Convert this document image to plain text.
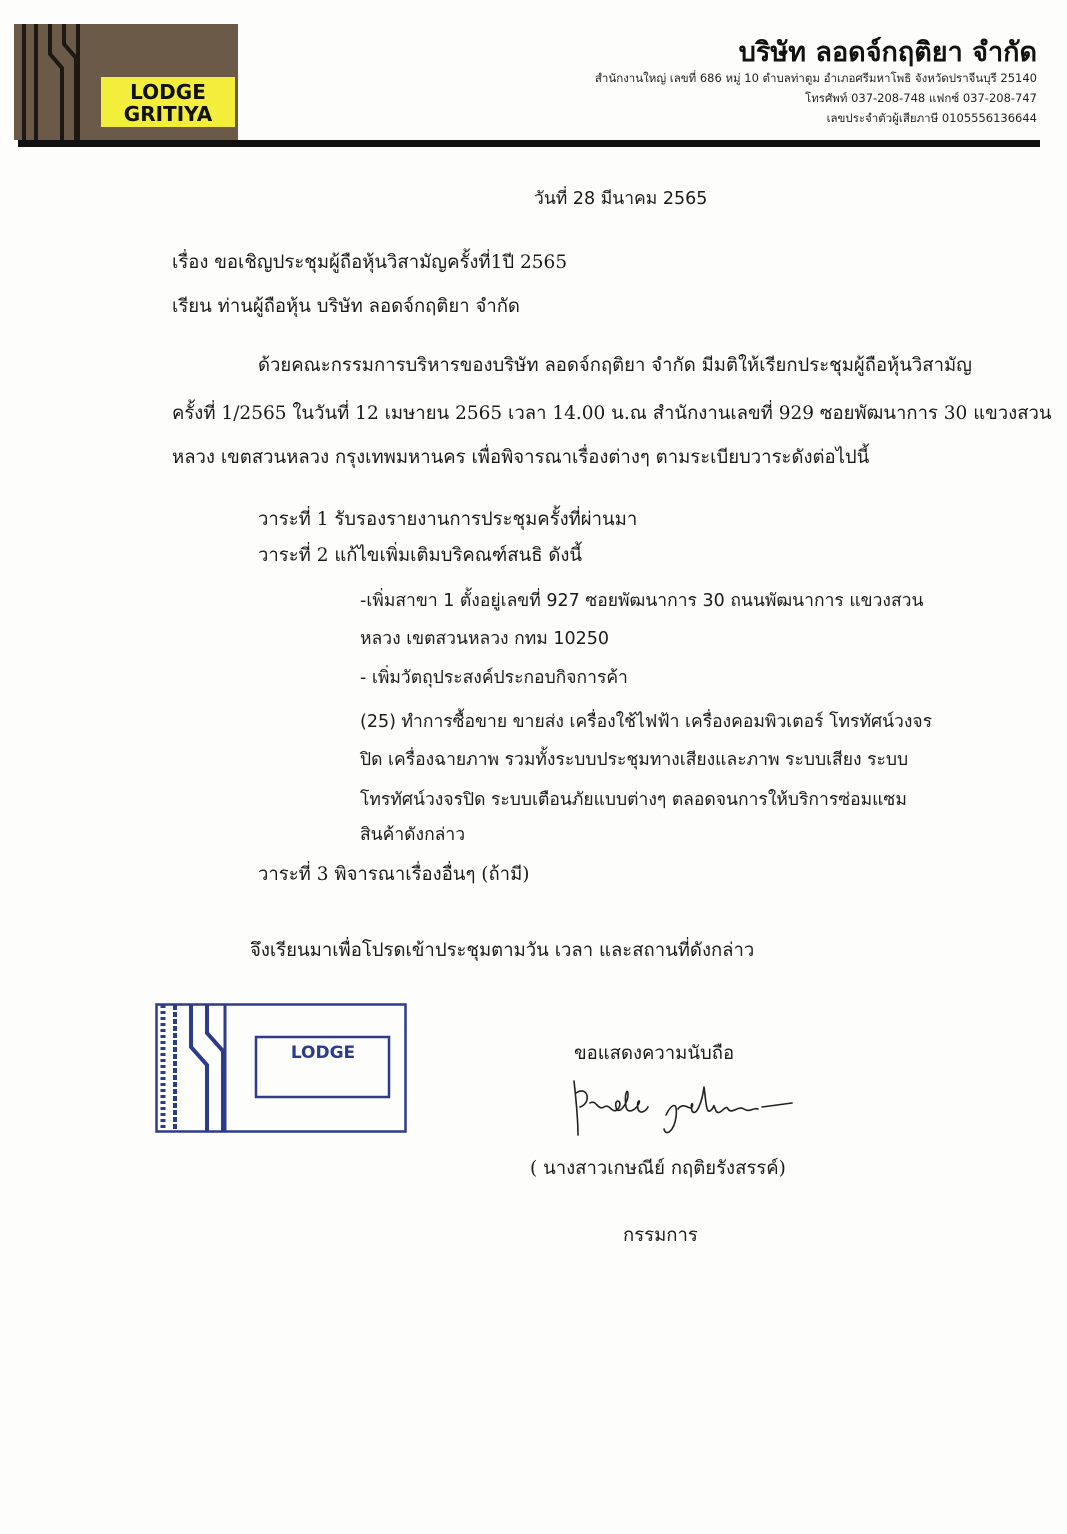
LODGE
GRITIYA
บริษัท ลอดจ์กฤติยา จำกัด
สำนักงานใหญ่ เลขที่ 686 หมู่ 10 ตำบลท่าตูม อำเภอศรีมหาโพธิ จังหวัดปราจีนบุรี 25140
โทรศัพท์ 037-208-748 แฟกซ์ 037-208-747
เลขประจำตัวผู้เสียภาษี 0105556136644
วันที่ 28 มีนาคม 2565
เรื่อง ขอเชิญประชุมผู้ถือหุ้นวิสามัญครั้งที่1ปี 2565
เรียน ท่านผู้ถือหุ้น บริษัท ลอดจ์กฤติยา จำกัด
ด้วยคณะกรรมการบริหารของบริษัท ลอดจ์กฤติยา จำกัด มีมติให้เรียกประชุมผู้ถือหุ้นวิสามัญ
ครั้งที่ 1/2565 ในวันที่ 12 เมษายน 2565 เวลา 14.00 น.ณ สำนักงานเลขที่ 929 ซอยพัฒนาการ 30 แขวงสวน
หลวง เขตสวนหลวง กรุงเทพมหานคร เพื่อพิจารณาเรื่องต่างๆ ตามระเบียบวาระดังต่อไปนี้
วาระที่ 1 รับรองรายงานการประชุมครั้งที่ผ่านมา
วาระที่ 2 แก้ไขเพิ่มเติมบริคณฑ์สนธิ ดังนี้
-เพิ่มสาขา 1 ตั้งอยู่เลขที่ 927 ซอยพัฒนาการ 30 ถนนพัฒนาการ แขวงสวน
หลวง เขตสวนหลวง กทม 10250
- เพิ่มวัตถุประสงค์ประกอบกิจการค้า
(25) ทำการซื้อขาย ขายส่ง เครื่องใช้ไฟฟ้า เครื่องคอมพิวเตอร์ โทรทัศน์วงจร
ปิด เครื่องฉายภาพ รวมทั้งระบบประชุมทางเสียงและภาพ ระบบเสียง ระบบ
โทรทัศน์วงจรปิด ระบบเตือนภัยแบบต่างๆ ตลอดจนการให้บริการซ่อมแซม
สินค้าดังกล่าว
วาระที่ 3 พิจารณาเรื่องอื่นๆ (ถ้ามี)
จึงเรียนมาเพื่อโปรดเข้าประชุมตามวัน เวลา และสถานที่ดังกล่าว
LODGE	ขอแสดงความนับถือ
( นางสาวเกษณีย์ กฤติยรังสรรค์)
กรรมการ
